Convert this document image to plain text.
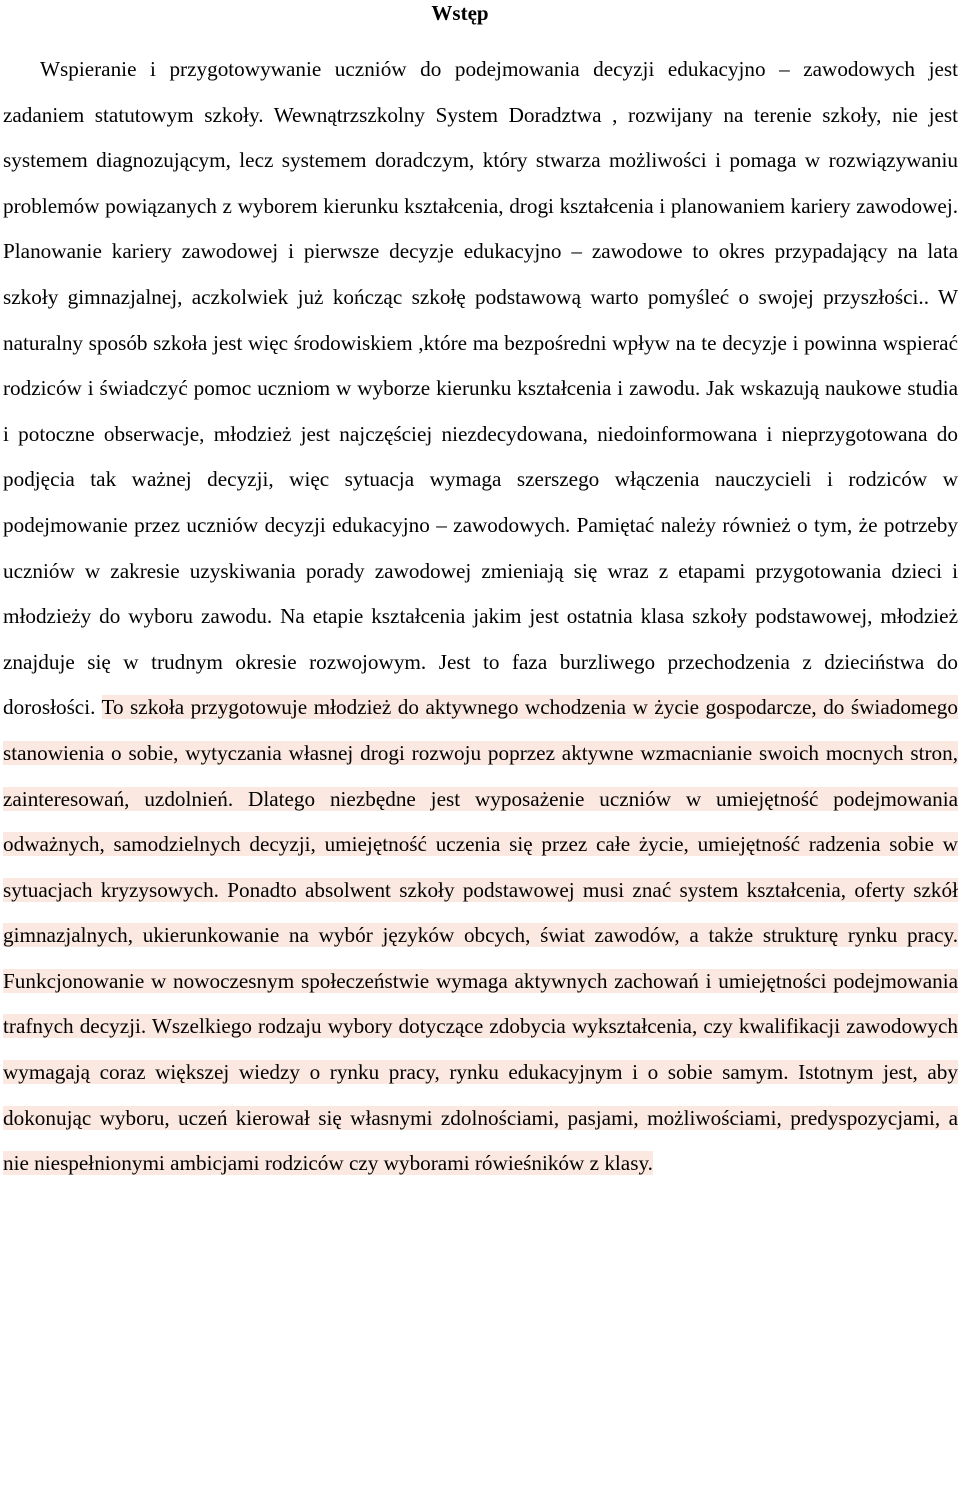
Wstęp

Wspieranie i przygotowywanie uczniów do podejmowania decyzji edukacyjno – zawodowych jest zadaniem statutowym szkoły. Wewnątrzszkolny System Doradztwa , rozwijany na terenie szkoły, nie jest systemem diagnozującym, lecz systemem doradczym, który stwarza możliwości i pomaga w rozwiązywaniu problemów powiązanych z wyborem kierunku kształcenia, drogi kształcenia i planowaniem kariery zawodowej. Planowanie kariery zawodowej i pierwsze decyzje edukacyjno – zawodowe to okres przypadający na lata szkoły gimnazjalnej, aczkolwiek już kończąc szkołę podstawową warto pomyśleć o swojej przyszłości.. W naturalny sposób szkoła jest więc środowiskiem ,które ma bezpośredni wpływ na te decyzje i powinna wspierać rodziców i świadczyć pomoc uczniom w wyborze kierunku kształcenia i zawodu. Jak wskazują naukowe studia i potoczne obserwacje, młodzież jest najczęściej niezdecydowana, niedoinformowana i nieprzygotowana do podjęcia tak ważnej decyzji, więc sytuacja wymaga szerszego włączenia nauczycieli i rodziców w podejmowanie przez uczniów decyzji edukacyjno – zawodowych. Pamiętać należy również o tym, że potrzeby uczniów w zakresie uzyskiwania porady zawodowej zmieniają się wraz z etapami przygotowania dzieci i młodzieży do wyboru zawodu. Na etapie kształcenia jakim jest ostatnia klasa szkoły podstawowej, młodzież znajduje się w trudnym okresie rozwojowym. Jest to faza burzliwego przechodzenia z dzieciństwa do dorosłości. To szkoła przygotowuje młodzież do aktywnego wchodzenia w życie gospodarcze, do świadomego stanowienia o sobie, wytyczania własnej drogi rozwoju poprzez aktywne wzmacnianie swoich mocnych stron, zainteresowań, uzdolnień. Dlatego niezbędne jest wyposażenie uczniów w umiejętność podejmowania odważnych, samodzielnych decyzji, umiejętność uczenia się przez całe życie, umiejętność radzenia sobie w sytuacjach kryzysowych. Ponadto absolwent szkoły podstawowej musi znać system kształcenia, oferty szkół gimnazjalnych, ukierunkowanie na wybór języków obcych, świat zawodów, a także strukturę rynku pracy. Funkcjonowanie w nowoczesnym społeczeństwie wymaga aktywnych zachowań i umiejętności podejmowania trafnych decyzji. Wszelkiego rodzaju wybory dotyczące zdobycia wykształcenia, czy kwalifikacji zawodowych wymagają coraz większej wiedzy o rynku pracy, rynku edukacyjnym i o sobie samym. Istotnym jest, aby dokonując wyboru, uczeń kierował się własnymi zdolnościami, pasjami, możliwościami, predyspozycjami, a nie niespełnionymi ambicjami rodziców czy wyborami rówieśników z klasy.
